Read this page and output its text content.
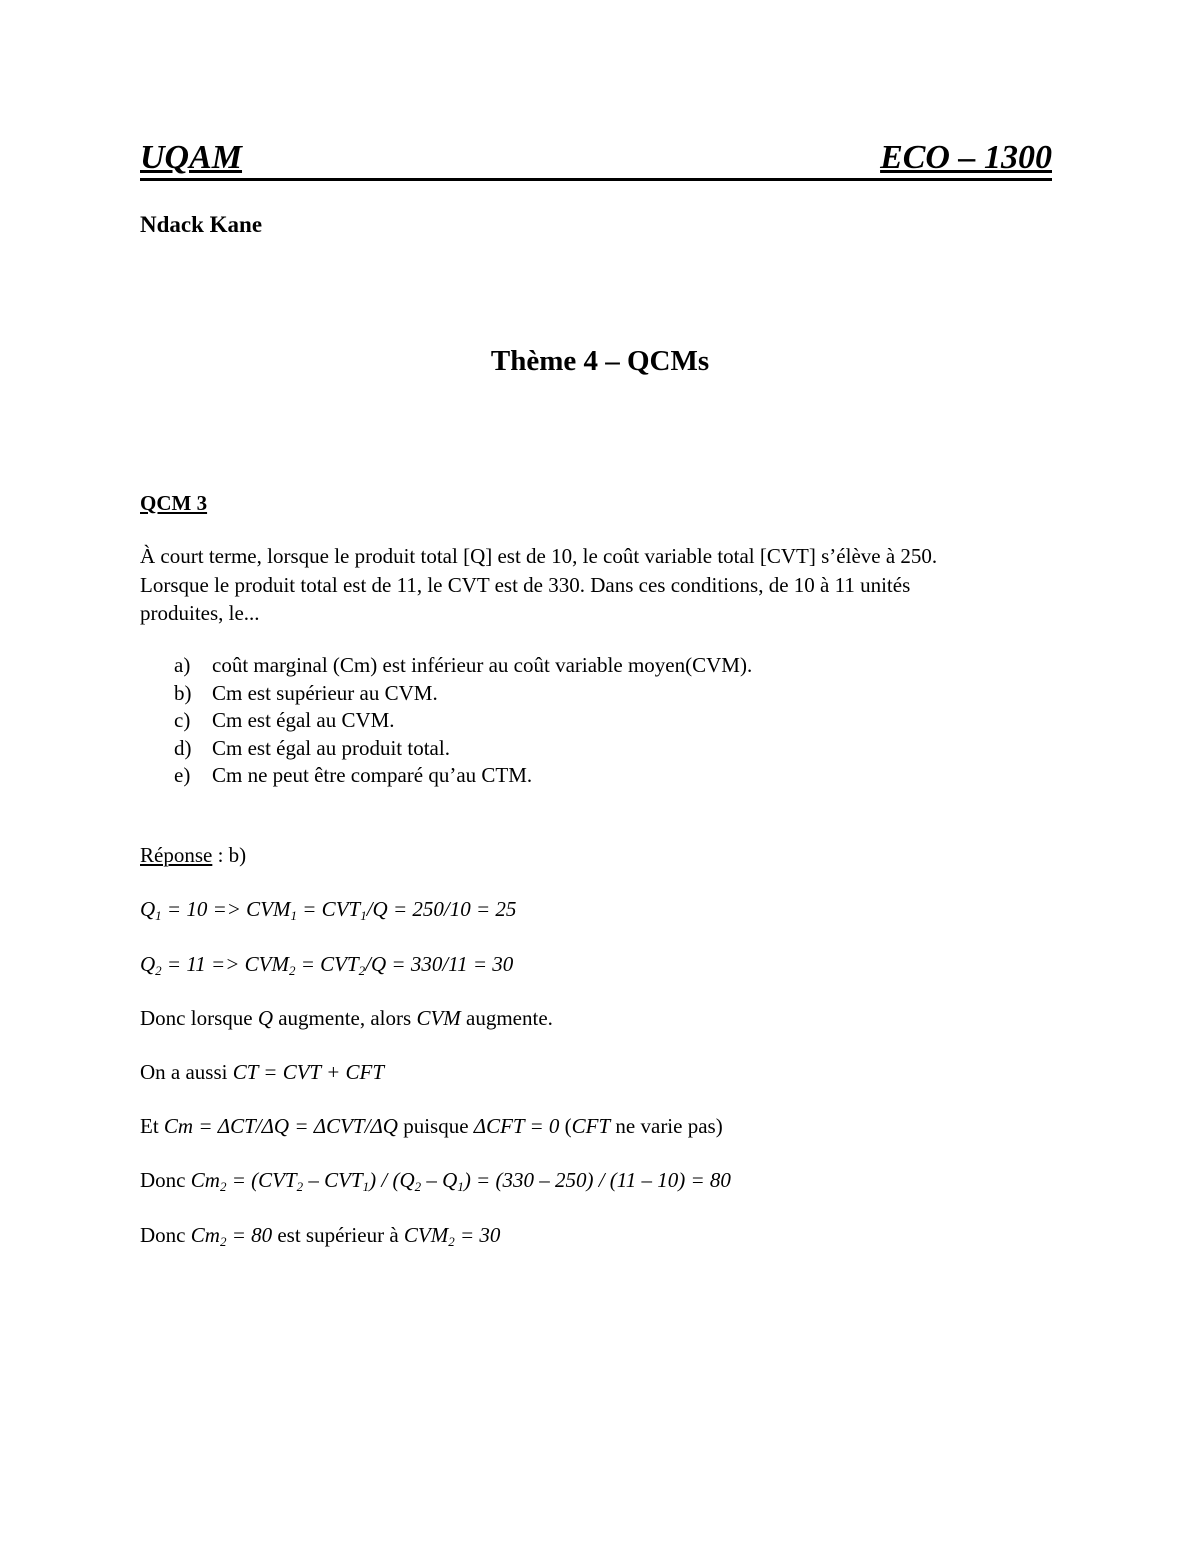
UQAM	ECO – 1300
Ndack Kane
Thème 4 – QCMs
QCM 3
À court terme, lorsque le produit total [Q] est de 10, le coût variable total [CVT] s’élève à 250.
Lorsque le produit total est de 11, le CVT est de 330. Dans ces conditions, de 10 à 11 unités
produites, le...
a) coût marginal (Cm) est inférieur au coût variable moyen(CVM).
b) Cm est supérieur au CVM.
c) Cm est égal au CVM.
d) Cm est égal au produit total.
e) Cm ne peut être comparé qu’au CTM.
Réponse : b)
$Q_1 = 10 => CVM_1 = CVT_1/Q = 250/10 = 25$
$Q_2 = 11 => CVM_2 = CVT_2/Q = 330/11 = 30$
Donc lorsque Q augmente, alors CVM augmente.
On a aussi CT = CVT + CFT
Et Cm = ΔCT/ΔQ = ΔCVT/ΔQ puisque ΔCFT = 0 (CFT ne varie pas)
Donc $Cm_2 = (CVT_2 - CVT_1) / (Q_2 - Q_1) = (330 - 250) / (11 - 10) = 80$
Donc $Cm_2 = 80$ est supérieur à $CVM_2 = 30$
